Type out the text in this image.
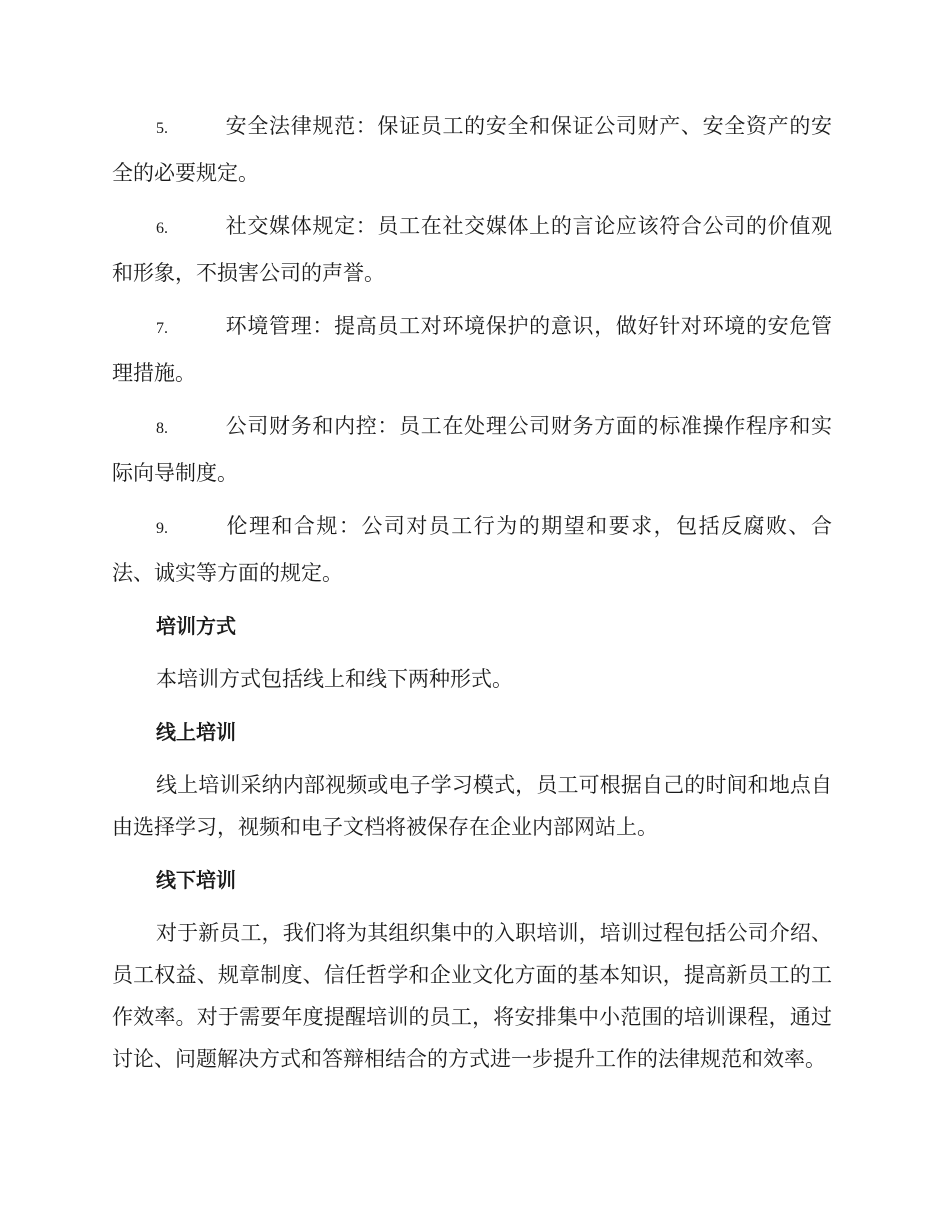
5.	安全法律规范：保证员工的安全和保证公司财产、安全资产的安全的必要规定。
6.	社交媒体规定：员工在社交媒体上的言论应该符合公司的价值观和形象，不损害公司的声誉。
7.	环境管理：提高员工对环境保护的意识，做好针对环境的安危管理措施。
8.	公司财务和内控：员工在处理公司财务方面的标准操作程序和实际向导制度。
9.	伦理和合规：公司对员工行为的期望和要求，包括反腐败、合法、诚实等方面的规定。
培训方式
本培训方式包括线上和线下两种形式。
线上培训
线上培训采纳内部视频或电子学习模式，员工可根据自己的时间和地点自由选择学习，视频和电子文档将被保存在企业内部网站上。
线下培训
对于新员工，我们将为其组织集中的入职培训，培训过程包括公司介绍、员工权益、规章制度、信任哲学和企业文化方面的基本知识，提高新员工的工作效率。对于需要年度提醒培训的员工，将安排集中小范围的培训课程，通过讨论、问题解决方式和答辩相结合的方式进一步提升工作的法律规范和效率。
